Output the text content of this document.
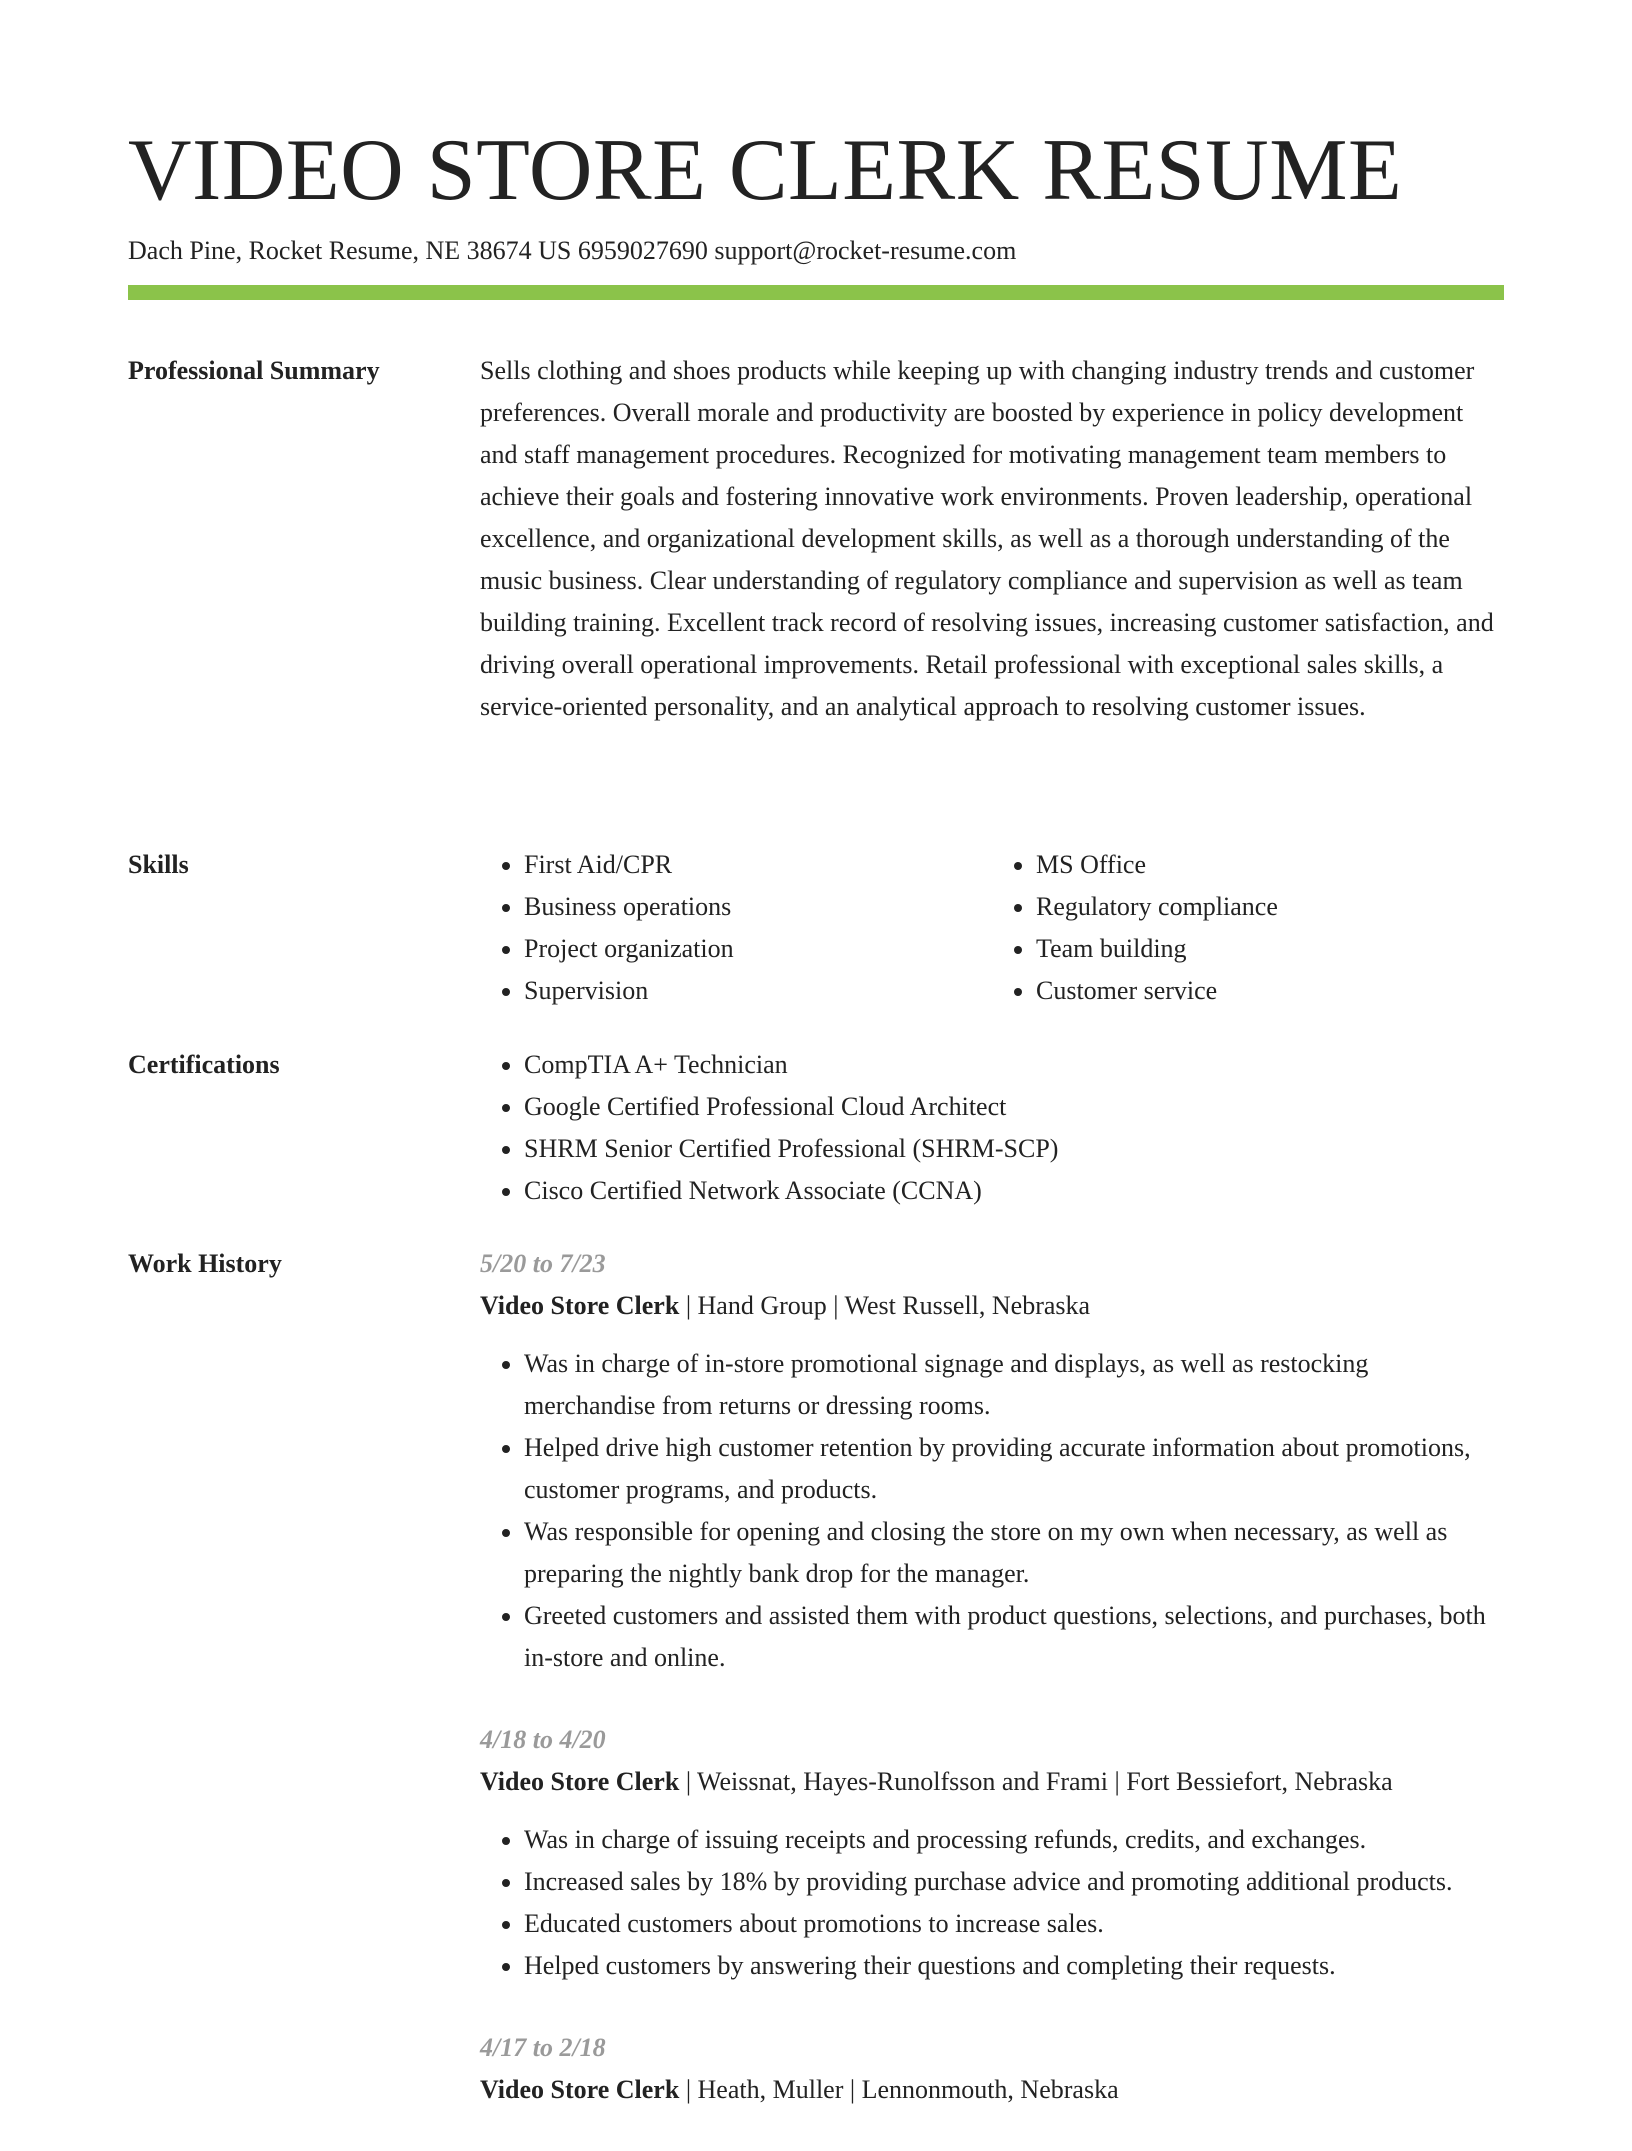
VIDEO STORE CLERK RESUME
Dach Pine, Rocket Resume, NE 38674 US 6959027690 support@rocket-resume.com
Professional Summary	Sells clothing and shoes products while keeping up with changing industry trends and customer preferences. Overall morale and productivity are boosted by experience in policy development and staff management procedures. Recognized for motivating management team members to achieve their goals and fostering innovative work environments. Proven leadership, operational excellence, and organizational development skills, as well as a thorough understanding of the music business. Clear understanding of regulatory compliance and supervision as well as team building training. Excellent track record of resolving issues, increasing customer satisfaction, and driving overall operational improvements. Retail professional with exceptional sales skills, a service-oriented personality, and an analytical approach to resolving customer issues.

Skills	• First Aid/CPR
• Business operations
• Project organization
• Supervision
• MS Office
• Regulatory compliance
• Team building
• Customer service
Certifications	• CompTIA A+ Technician
• Google Certified Professional Cloud Architect
• SHRM Senior Certified Professional (SHRM-SCP)
• Cisco Certified Network Associate (CCNA)
Work History	5/20 to 7/23
Video Store Clerk | Hand Group | West Russell, Nebraska
• Was in charge of in-store promotional signage and displays, as well as restocking merchandise from returns or dressing rooms.
• Helped drive high customer retention by providing accurate information about promotions, customer programs, and products.
• Was responsible for opening and closing the store on my own when necessary, as well as preparing the nightly bank drop for the manager.
• Greeted customers and assisted them with product questions, selections, and purchases, both in-store and online.
4/18 to 4/20
Video Store Clerk | Weissnat, Hayes-Runolfsson and Frami | Fort Bessiefort, Nebraska
• Was in charge of issuing receipts and processing refunds, credits, and exchanges.
• Increased sales by 18% by providing purchase advice and promoting additional products.
• Educated customers about promotions to increase sales.
• Helped customers by answering their questions and completing their requests.
4/17 to 2/18
Video Store Clerk | Heath, Muller | Lennonmouth, Nebraska
